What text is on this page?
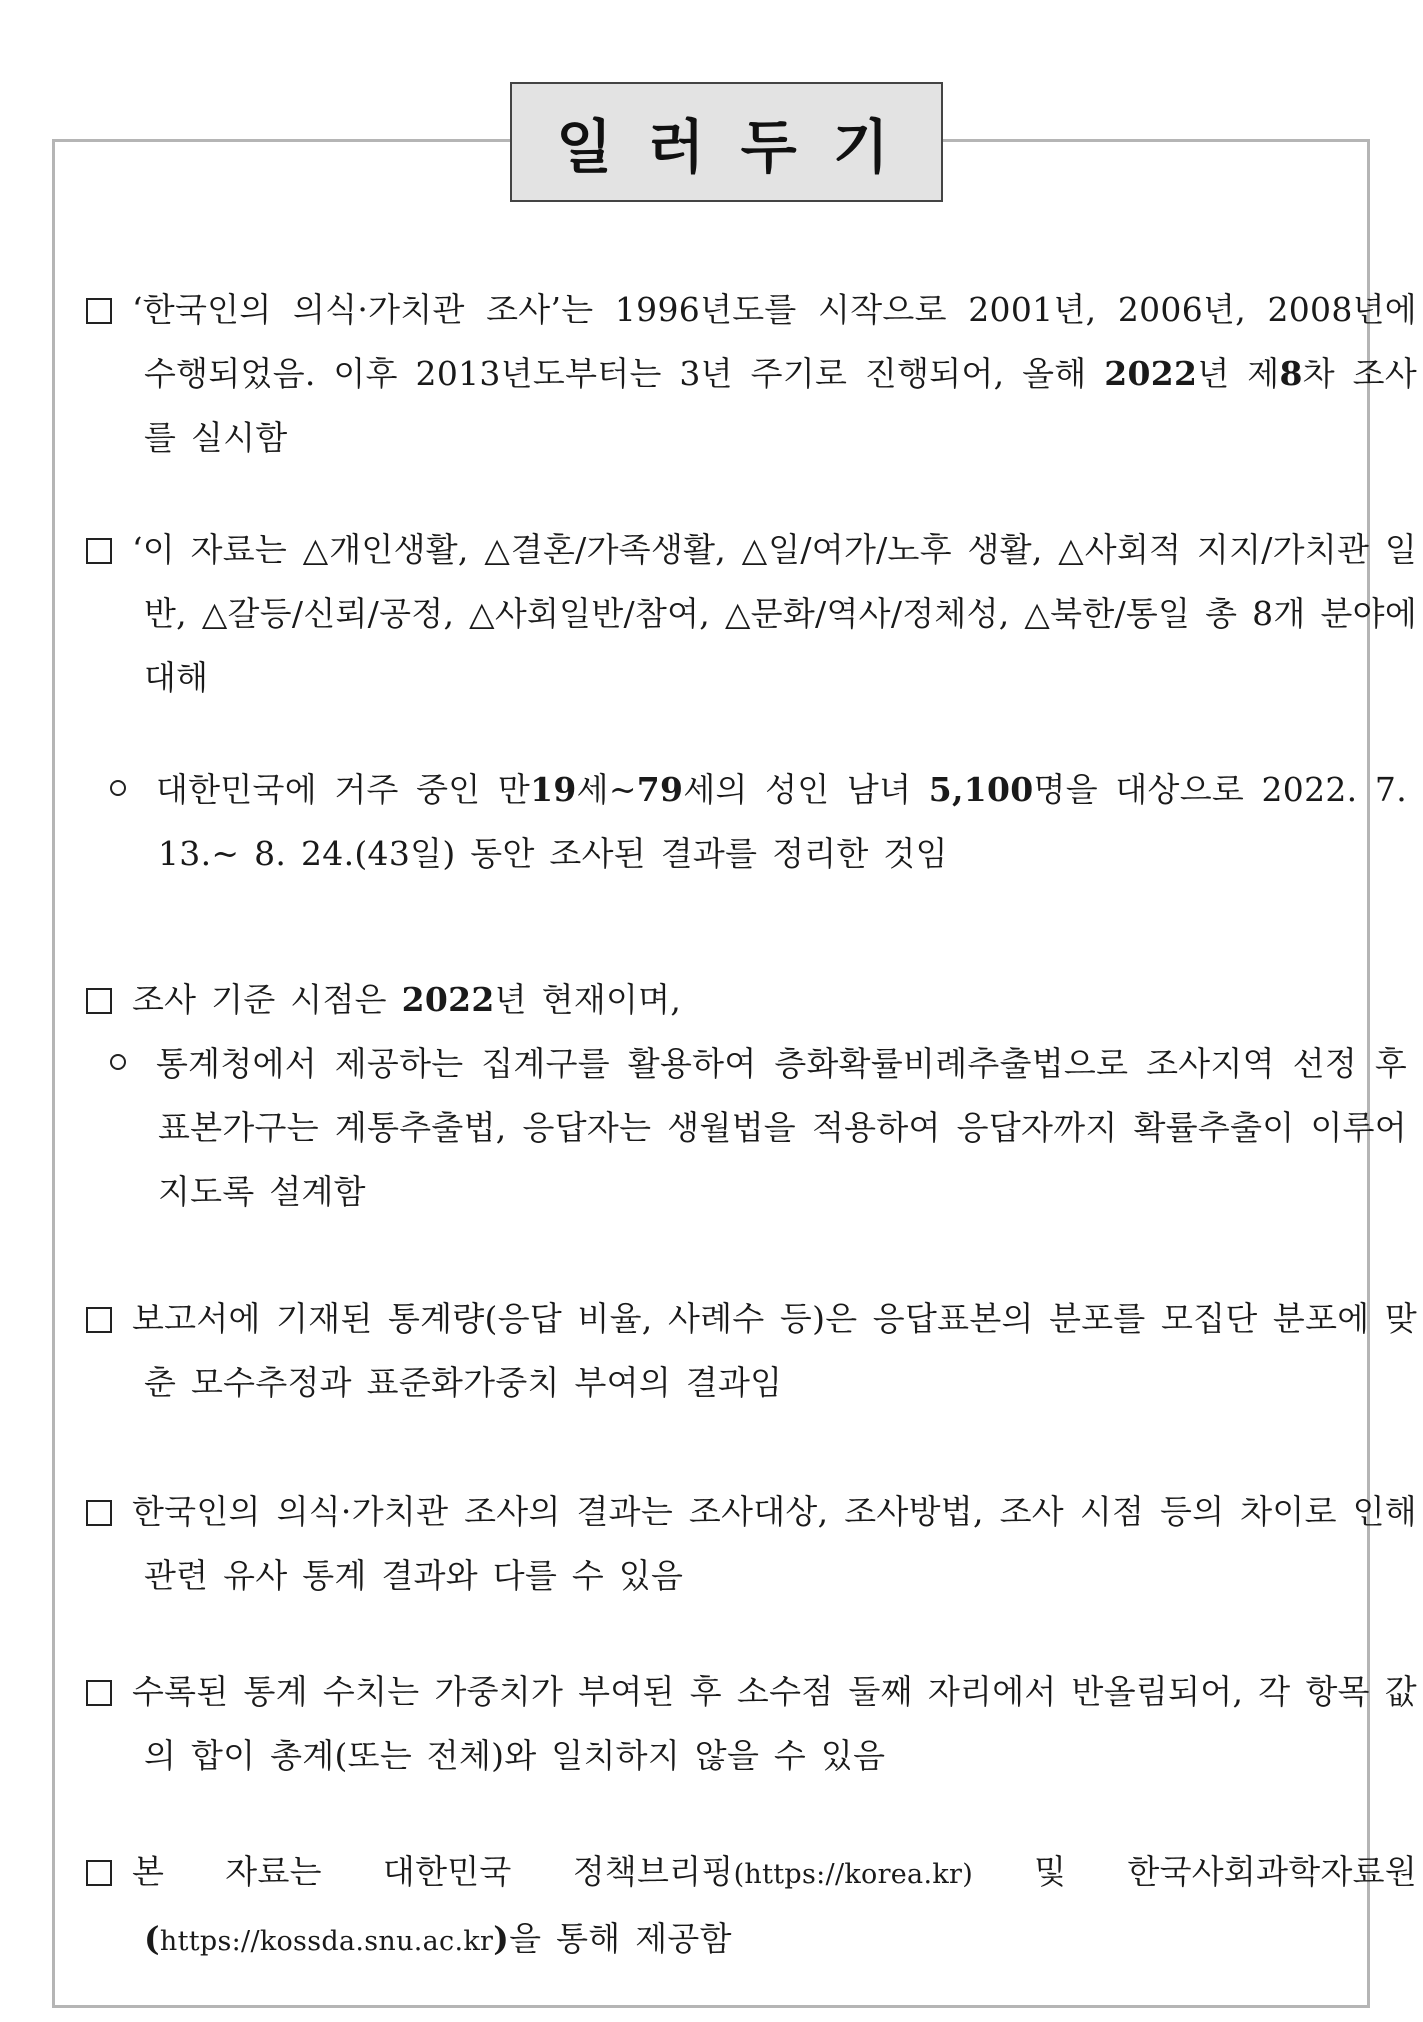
일 러 두 기
‘한국인의 의식·가치관 조사’는 1996년도를 시작으로 2001년, 2006년, 2008년에 수행되었음. 이후 2013년도부터는 3년 주기로 진행되어, 올해 2022년 제8차 조사를 실시함
‘이 자료는 △개인생활, △결혼/가족생활, △일/여가/노후 생활, △사회적 지지/가치관 일반, △갈등/신뢰/공정, △사회일반/참여, △문화/역사/정체성, △북한/통일 총 8개 분야에 대해
대한민국에 거주 중인 만19세~79세의 성인 남녀 5,100명을 대상으로 2022. 7. 13.~ 8. 24.(43일) 동안 조사된 결과를 정리한 것임
조사 기준 시점은 2022년 현재이며,
통계청에서 제공하는 집계구를 활용하여 층화확률비례추출법으로 조사지역 선정 후 표본가구는 계통추출법, 응답자는 생월법을 적용하여 응답자까지 확률추출이 이루어지도록 설계함
보고서에 기재된 통계량(응답 비율, 사례수 등)은 응답표본의 분포를 모집단 분포에 맞춘 모수추정과 표준화가중치 부여의 결과임
한국인의 의식·가치관 조사의 결과는 조사대상, 조사방법, 조사 시점 등의 차이로 인해 관련 유사 통계 결과와 다를 수 있음
수록된 통계 수치는 가중치가 부여된 후 소수점 둘째 자리에서 반올림되어, 각 항목 값의 합이 총계(또는 전체)와 일치하지 않을 수 있음
본 자료는 대한민국 정책브리핑(https://korea.kr) 및 한국사회과학자료원(https://kossda.snu.ac.kr)을 통해 제공함
